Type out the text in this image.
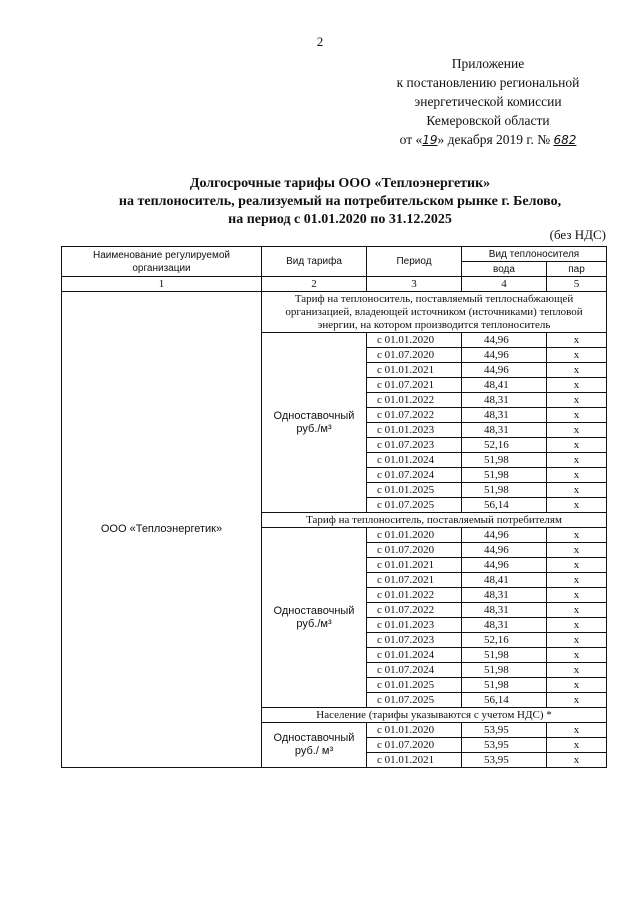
2
Приложение
к постановлению региональной
энергетической комиссии
Кемеровской области
от «19» декабря 2019 г. № 682
Долгосрочные тарифы ООО «Теплоэнергетик»
на теплоноситель, реализуемый на потребительском рынке г. Белово,
на период с 01.01.2020 по 31.12.2025
(без НДС)
Наименование регулируемой организации	Вид тарифа	Период	Вид теплоносителя	
			вода	пар
1	2	3	4	5
ООО «Теплоэнергетик»	Тариф на теплоноситель, поставляемый теплоснабжающей организацией, владеющей источником (источниками) тепловой энергии, на котором производится теплоноситель			

	Одноставочный
руб./м³	с 01.01.2020	44,96	х
		с 01.07.2020	44,96	х
		с 01.01.2021	44,96	х
		с 01.07.2021	48,41	х
		с 01.01.2022	48,31	х
		с 01.07.2022	48,31	х
		с 01.01.2023	48,31	х
		с 01.07.2023	52,16	х
		с 01.01.2024	51,98	х
		с 01.07.2024	51,98	х
		с 01.01.2025	51,98	х
		с 01.07.2025	56,14	х
	Тариф на теплоноситель, поставляемый потребителям			

	Одноставочный
руб./м³	с 01.01.2020	44,96	х
		с 01.07.2020	44,96	х
		с 01.01.2021	44,96	х
		с 01.07.2021	48,41	х
		с 01.01.2022	48,31	х
		с 01.07.2022	48,31	х
		с 01.01.2023	48,31	х
		с 01.07.2023	52,16	х
		с 01.01.2024	51,98	х
		с 01.07.2024	51,98	х
		с 01.01.2025	51,98	х
		с 01.07.2025	56,14	х
	Население (тарифы указываются с учетом НДС) *			

	Одноставочный
руб./ м³	с 01.01.2020	53,95	х
		с 01.07.2020	53,95	х
		с 01.01.2021	53,95	х
